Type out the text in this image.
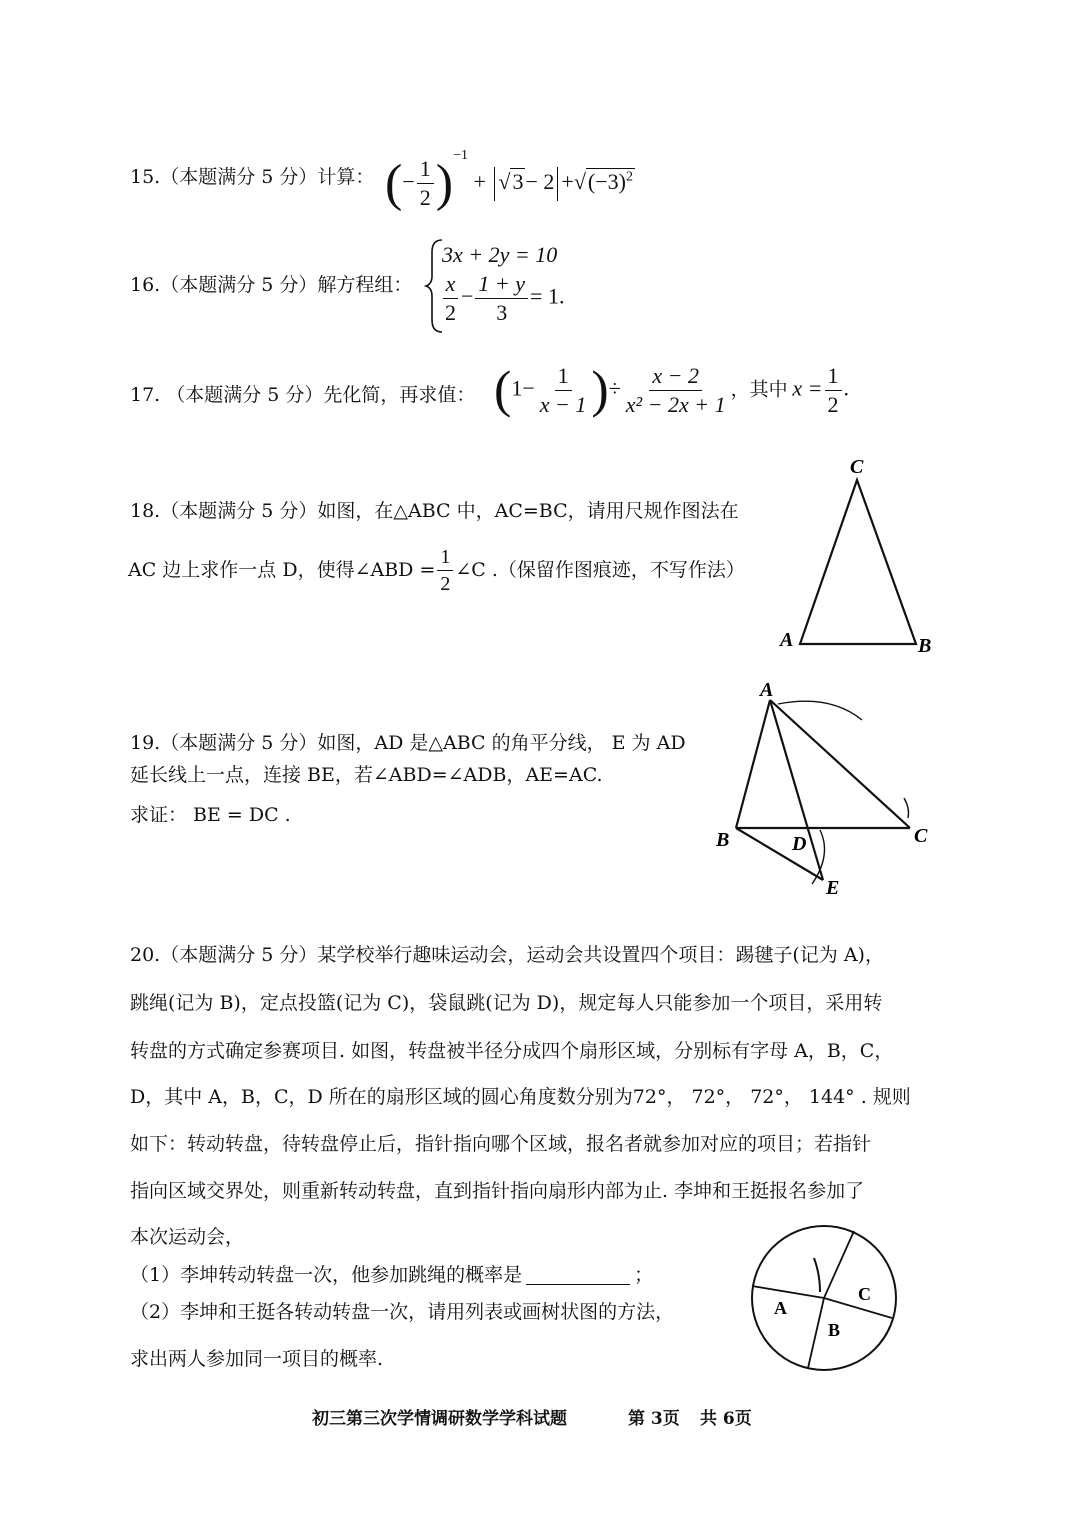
15.（本题满分 5 分）计算： (− $\frac{1}{2} )^{-1} + √3- 2 +√(-3)^2$
16.（本题满分 5 分）解方程组：
3x + 2y = 10
$\frac{x}{2} - \frac{1 + y}{3} = 1$.
17. （本题满分 5 分）先化简，再求值： ($1- \frac{1}{x - 1}$ )÷ $\frac{x - 2}{\text{x² − 2x + 1}}$ ，其中 $x = \frac{1}{2}$ .
18.（本题满分 5 分）如图，在△ABC 中，AC=BC，请用尺规作图法在
AC 边上求作一点 D，使得∠ABD = $\frac{1}{2}$ ∠C .（保留作图痕迹，不写作法）
C
A	B
19.（本题满分 5 分）如图，AD 是△ABC 的角平分线， E 为 AD
延长线上一点，连接 BE，若∠ABD=∠ADB，AE=AC.
求证： BE = DC .
A
B	C
D
E
20.（本题满分 5 分）某学校举行趣味运动会，运动会共设置四个项目：踢毽子(记为 A)，
跳绳(记为 B)，定点投篮(记为 C)，袋鼠跳(记为 D)，规定每人只能参加一个项目，采用转
转盘的方式确定参赛项目. 如图，转盘被半径分成四个扇形区域，分别标有字母 A，B，C，
D，其中 A，B，C，D 所在的扇形区域的圆心角度数分别为72°， 72°， 72°， 144° . 规则
如下：转动转盘，待转盘停止后，指针指向哪个区域，报名者就参加对应的项目；若指针
指向区域交界处，则重新转动转盘，直到指针指向扇形内部为止. 李坤和王挺报名参加了
本次运动会，
（1）李坤转动转盘一次，他参加跳绳的概率是	；
（2）李坤和王挺各转动转盘一次，请用列表或画树状图的方法，
求出两人参加同一项目的概率.
A
B
C
初三第三次学情调研数学学科试题	第 3页 共 6页
